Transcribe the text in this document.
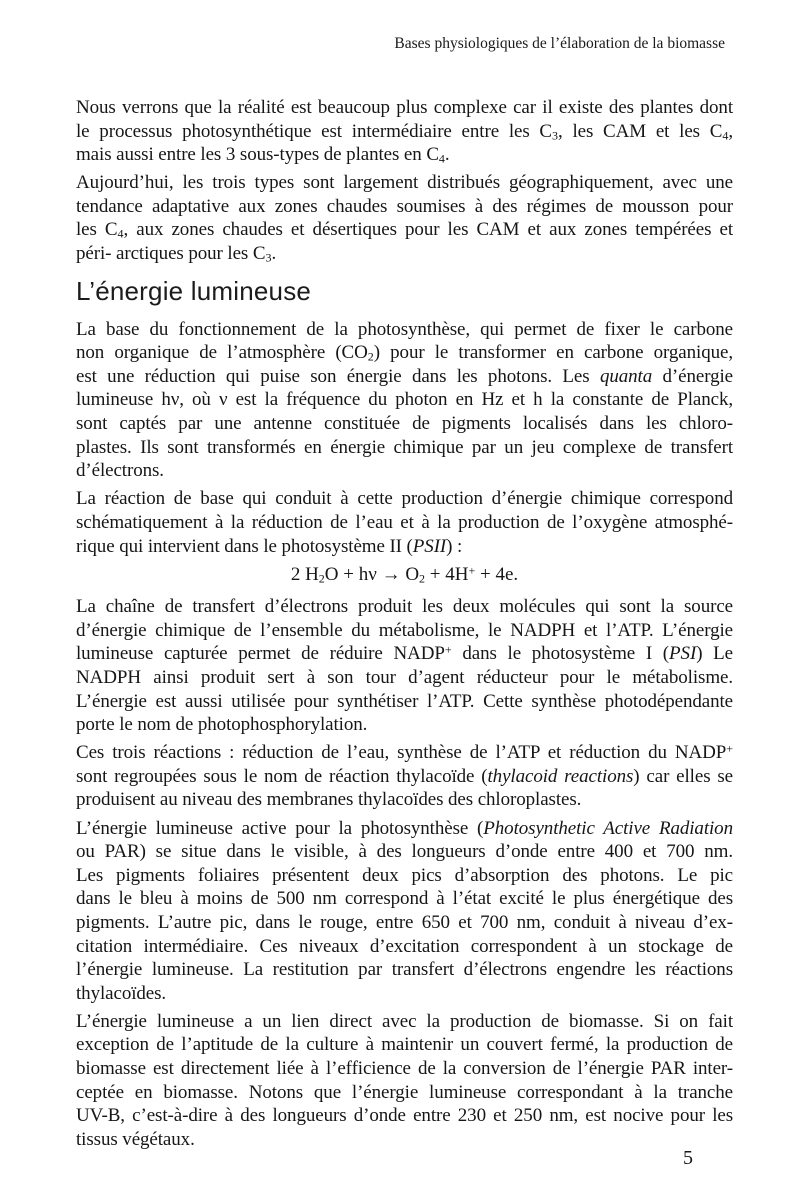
Bases physiologiques de l’élaboration de la biomasse
Nous verrons que la réalité est beaucoup plus complexe car il existe des plantes dont
le processus photosynthétique est intermédiaire entre les $C_3$, les CAM et les $C_4$,
mais aussi entre les 3 sous-types de plantes en $C_4$.
Aujourd’hui, les trois types sont largement distribués géographiquement, avec une
tendance adaptative aux zones chaudes soumises à des régimes de mousson pour
les $C_4$, aux zones chaudes et désertiques pour les CAM et aux zones tempérées et
péri- arctiques pour les $C_3$.
L’énergie lumineuse
La base du fonctionnement de la photosynthèse, qui permet de fixer le carbone
non organique de l’atmosphère $(CO_2)$ pour le transformer en carbone organique,
est une réduction qui puise son énergie dans les photons. Les quanta d’énergie
lumineuse hν, où ν est la fréquence du photon en Hz et h la constante de Planck,
sont captés par une antenne constituée de pigments localisés dans les chloro-
plastes. Ils sont transformés en énergie chimique par un jeu complexe de transfert
d’électrons.
La réaction de base qui conduit à cette production d’énergie chimique correspond
schématiquement à la réduction de l’eau et à la production de l’oxygène atmosphé-
rique qui intervient dans le photosystème II (PSII) :
2 $H_2O + h\nu \to O_2 + 4H^+ + 4e$.
La chaîne de transfert d’électrons produit les deux molécules qui sont la source
d’énergie chimique de l’ensemble du métabolisme, le NADPH et l’ATP. L’énergie
lumineuse capturée permet de réduire NADP+ dans le photosystème I (PSI) Le
NADPH ainsi produit sert à son tour d’agent réducteur pour le métabolisme.
L’énergie est aussi utilisée pour synthétiser l’ATP. Cette synthèse photodépendante
porte le nom de photophosphorylation.
Ces trois réactions : réduction de l’eau, synthèse de l’ATP et réduction du NADP+
sont regroupées sous le nom de réaction thylacoïde (thylacoid reactions) car elles se
produisent au niveau des membranes thylacoïdes des chloroplastes.
L’énergie lumineuse active pour la photosynthèse (Photosynthetic Active Radiation
ou PAR) se situe dans le visible, à des longueurs d’onde entre 400 et 700 nm.
Les pigments foliaires présentent deux pics d’absorption des photons. Le pic
dans le bleu à moins de 500 nm correspond à l’état excité le plus énergétique des
pigments. L’autre pic, dans le rouge, entre 650 et 700 nm, conduit à niveau d’ex-
citation intermédiaire. Ces niveaux d’excitation correspondent à un stockage de
l’énergie lumineuse. La restitution par transfert d’électrons engendre les réactions
thylacoïdes.
L’énergie lumineuse a un lien direct avec la production de biomasse. Si on fait
exception de l’aptitude de la culture à maintenir un couvert fermé, la production de
biomasse est directement liée à l’efficience de la conversion de l’énergie PAR inter-
ceptée en biomasse. Notons que l’énergie lumineuse correspondant à la tranche
UV-B, c’est-à-dire à des longueurs d’onde entre 230 et 250 nm, est nocive pour les
tissus végétaux.
5
